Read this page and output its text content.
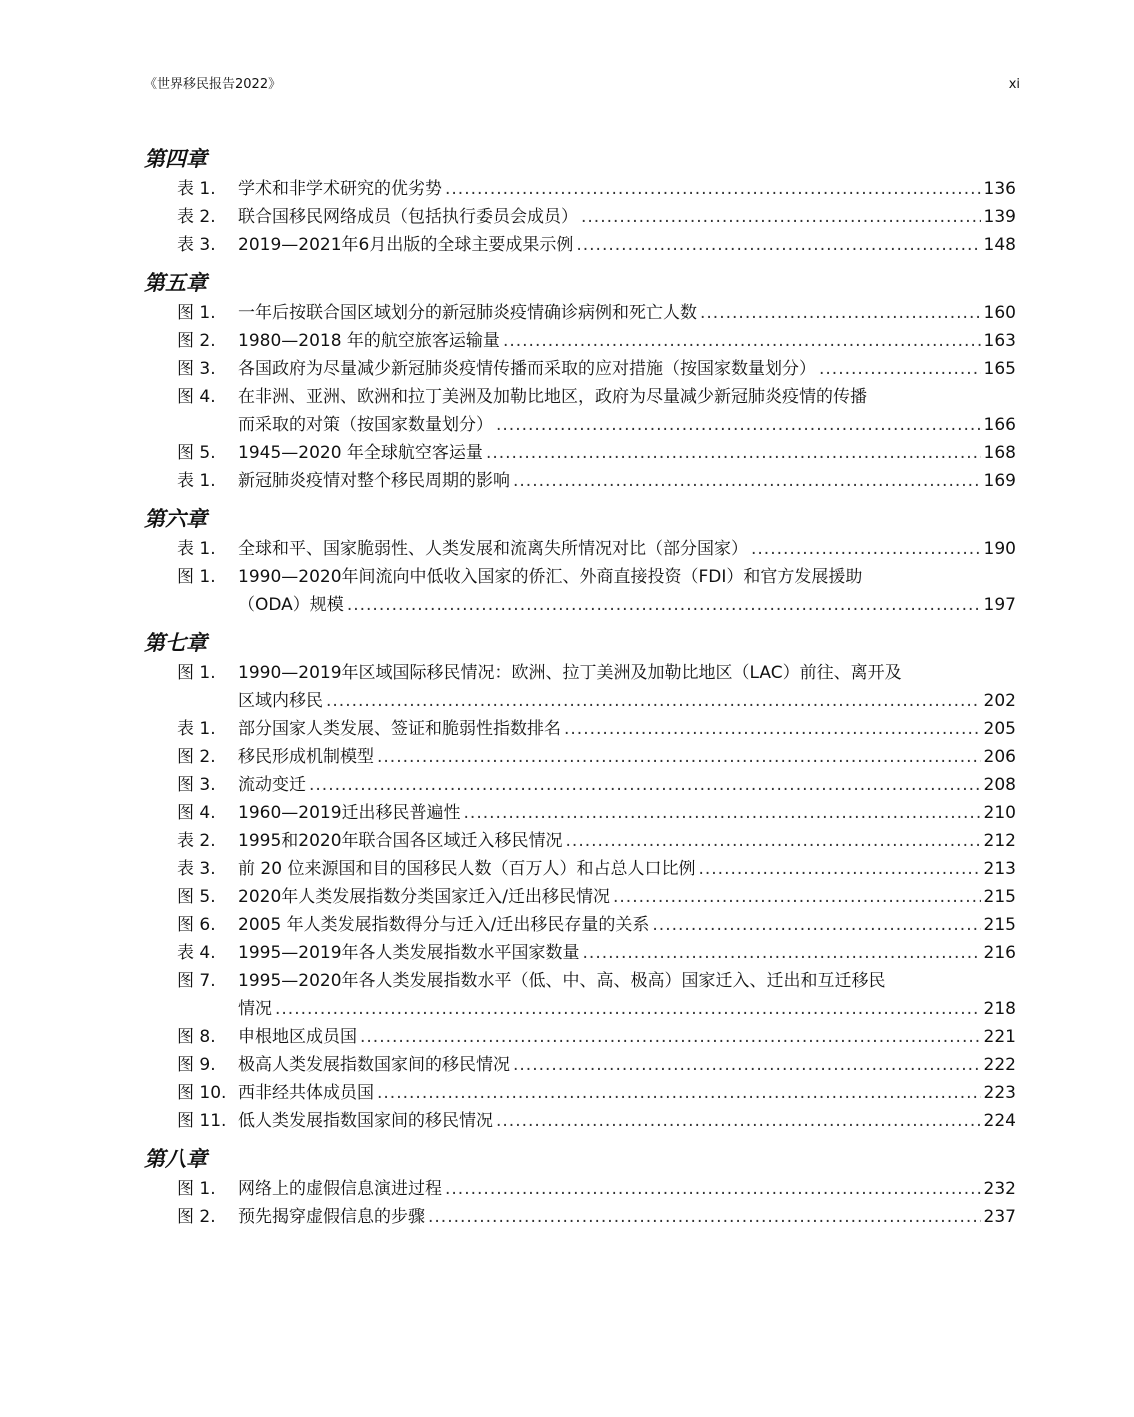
《世界移民报告2022》	xi
第四章
表 1.	学术和非学术研究的优劣势 .....	136
表 2.	联合国移民网络成员（包括执行委员会成员） .....	139
表 3.	2019—2021年6月出版的全球主要成果示例 .....	148
第五章
图 1.	一年后按联合国区域划分的新冠肺炎疫情确诊病例和死亡人数 .....	160
图 2.	1980—2018 年的航空旅客运输量 .....	163
图 3.	各国政府为尽量减少新冠肺炎疫情传播而采取的应对措施（按国家数量划分） .....	165
图 4.	在非洲、亚洲、欧洲和拉丁美洲及加勒比地区，政府为尽量减少新冠肺炎疫情的传播
而采取的对策（按国家数量划分） .....	166
图 5.	1945—2020 年全球航空客运量 .....	168
表 1.	新冠肺炎疫情对整个移民周期的影响 .....	169
第六章
表 1.	全球和平、国家脆弱性、人类发展和流离失所情况对比（部分国家） .....	190
图 1.	1990—2020年间流向中低收入国家的侨汇、外商直接投资（FDI）和官方发展援助
（ODA）规模 .....	197
第七章
图 1.	1990—2019年区域国际移民情况：欧洲、拉丁美洲及加勒比地区（LAC）前往、离开及
区域内移民 .....	202
表 1.	部分国家人类发展、签证和脆弱性指数排名 .....	205
图 2.	移民形成机制模型 .....	206
图 3.	流动变迁 .....	208
图 4.	1960—2019迁出移民普遍性 .....	210
表 2.	1995和2020年联合国各区域迁入移民情况 .....	212
表 3.	前 20 位来源国和目的国移民人数（百万人）和占总人口比例 .....	213
图 5.	2020年人类发展指数分类国家迁入/迁出移民情况 .....	215
图 6.	2005 年人类发展指数得分与迁入/迁出移民存量的关系 .....	215
表 4.	1995—2019年各人类发展指数水平国家数量 .....	216
图 7.	1995—2020年各人类发展指数水平（低、中、高、极高）国家迁入、迁出和互迁移民
情况 .....	218
图 8.	申根地区成员国 .....	221
图 9.	极高人类发展指数国家间的移民情况 .....	222
图 10. 西非经共体成员国 .....	223
图 11. 低人类发展指数国家间的移民情况 .....	224
第八章
图 1.	网络上的虚假信息演进过程 .....	232
图 2.	预先揭穿虚假信息的步骤 .....	237
